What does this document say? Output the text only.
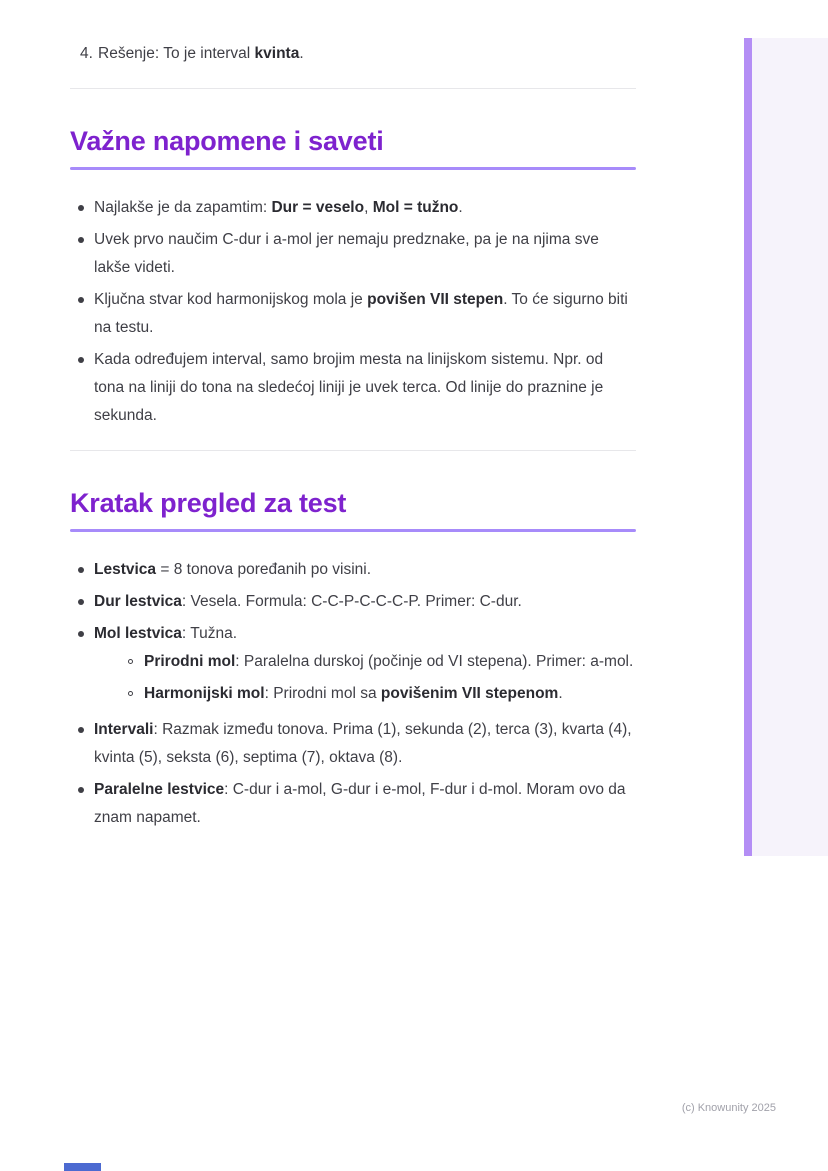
4. Rešenje: To je interval kvinta.
Važne napomene i saveti
Najlakše je da zapamtim: Dur = veselo, Mol = tužno.
Uvek prvo naučim C-dur i a-mol jer nemaju predznake, pa je na njima sve lakše videti.
Ključna stvar kod harmonijskog mola je povišen VII stepen. To će sigurno biti na testu.
Kada određujem interval, samo brojim mesta na linijskom sistemu. Npr. od tona na liniji do tona na sledećoj liniji je uvek terca. Od linije do praznine je sekunda.
Kratak pregled za test
Lestvica = 8 tonova poređanih po visini.
Dur lestvica: Vesela. Formula: C-C-P-C-C-C-P. Primer: C-dur.
Mol lestvica: Tužna.
Prirodni mol: Paralelna durskoj (počinje od VI stepena). Primer: a-mol.
Harmonijski mol: Prirodni mol sa povišenim VII stepenom.
Intervali: Razmak između tonova. Prima (1), sekunda (2), terca (3), kvarta (4), kvinta (5), seksta (6), septima (7), oktava (8).
Paralelne lestvice: C-dur i a-mol, G-dur i e-mol, F-dur i d-mol. Moram ovo da znam napamet.
(c) Knowunity 2025
